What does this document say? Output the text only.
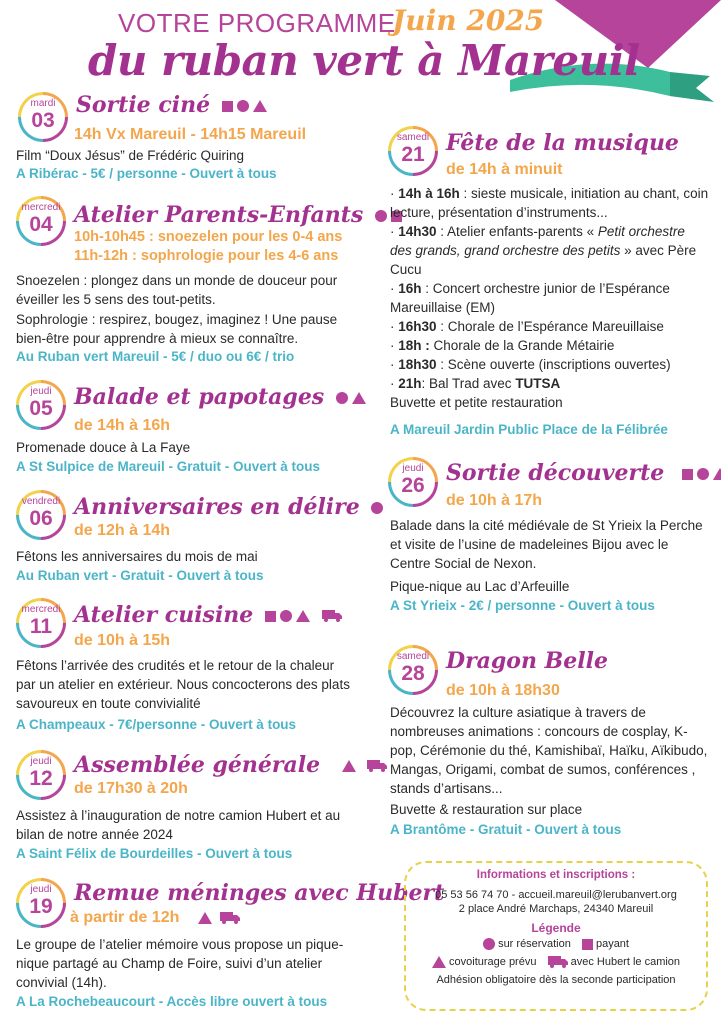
VOTRE PROGRAMME
Juin 2025
du ruban vert à Mareuil
mardi
03
Sortie ciné
14h Vx Mareuil - 14h15 Mareuil
Film “Doux Jésus” de Frédéric Quiring
A Ribérac - 5€ / personne - Ouvert à tous
mercredi
04 Atelier Parents-Enfants
10h-10h45 : snoezelen pour les 0-4 ans
11h-12h : sophrologie pour les 4-6 ans
Snoezelen : plongez dans un monde de douceur pour éveiller les 5 sens des tout-petits.
Sophrologie : respirez, bougez, imaginez ! Une pause bien-être pour apprendre à mieux se connaître.
Au Ruban vert Mareuil - 5€ / duo ou 6€ / trio
jeudi
05 Balade et papotages
de 14h à 16h
Promenade douce à La Faye
A St Sulpice de Mareuil - Gratuit - Ouvert à tous
vendredi
06 Anniversaires en délire
de 12h à 14h
Fêtons les anniversaires du mois de mai
Au Ruban vert - Gratuit - Ouvert à tous
mercredi
11 Atelier cuisine
de 10h à 15h
Fêtons l’arrivée des crudités et le retour de la chaleur par un atelier en extérieur. Nous concocterons des plats savoureux en toute convivialité
A Champeaux - 7€/personne - Ouvert à tous
jeudi
12
Assemblée générale
de 17h30 à 20h
Assistez à l’inauguration de notre camion Hubert et au bilan de notre année 2024
A Saint Félix de Bourdeilles - Ouvert à tous
jeudi
19
Remue méninges avec Hubert
à partir de 12h
Le groupe de l’atelier mémoire vous propose un pique-nique partagé au Champ de Foire, suivi d’un atelier convivial (14h).
A La Rochebeaucourt - Accès libre ouvert à tous
samedi
21 Fête de la musique
de 14h à minuit
· 14h à 16h : sieste musicale, initiation au chant, coin lecture, présentation d’instruments...
· 14h30 : Atelier enfants-parents « Petit orchestre des grands, grand orchestre des petits » avec Père Cucu
· 16h : Concert orchestre junior de l’Espérance Mareuillaise (EM)
· 16h30 : Chorale de l’Espérance Mareuillaise
· 18h : Chorale de la Grande Métairie
· 18h30 : Scène ouverte (inscriptions ouvertes)
· 21h: Bal Trad avec TUTSA
Buvette et petite restauration
A Mareuil Jardin Public Place de la Félibrée
jeudi
26 Sortie découverte
de 10h à 17h
Balade dans la cité médiévale de St Yrieix la Perche et visite de l’usine de madeleines Bijou avec le Centre Social de Nexon.
Pique-nique au Lac d’Arfeuille
A St Yrieix - 2€ / personne - Ouvert à tous
samedi
28 Dragon Belle
de 10h à 18h30
Découvrez la culture asiatique à travers de nombreuses animations : concours de cosplay, K-pop, Cérémonie du thé, Kamishibaï, Haïku, Aïkibudo, Mangas, Origami, combat de sumos, conférences , stands d’artisans...
Buvette & restauration sur place
A Brantôme - Gratuit - Ouvert à tous
Informations et inscriptions :
05 53 56 74 70 - accueil.mareuil@lerubanvert.org
2 place André Marchaps, 24340 Mareuil
Légende
sur réservation payant
covoiturage prévu	avec Hubert le camion
Adhésion obligatoire dès la seconde participation
